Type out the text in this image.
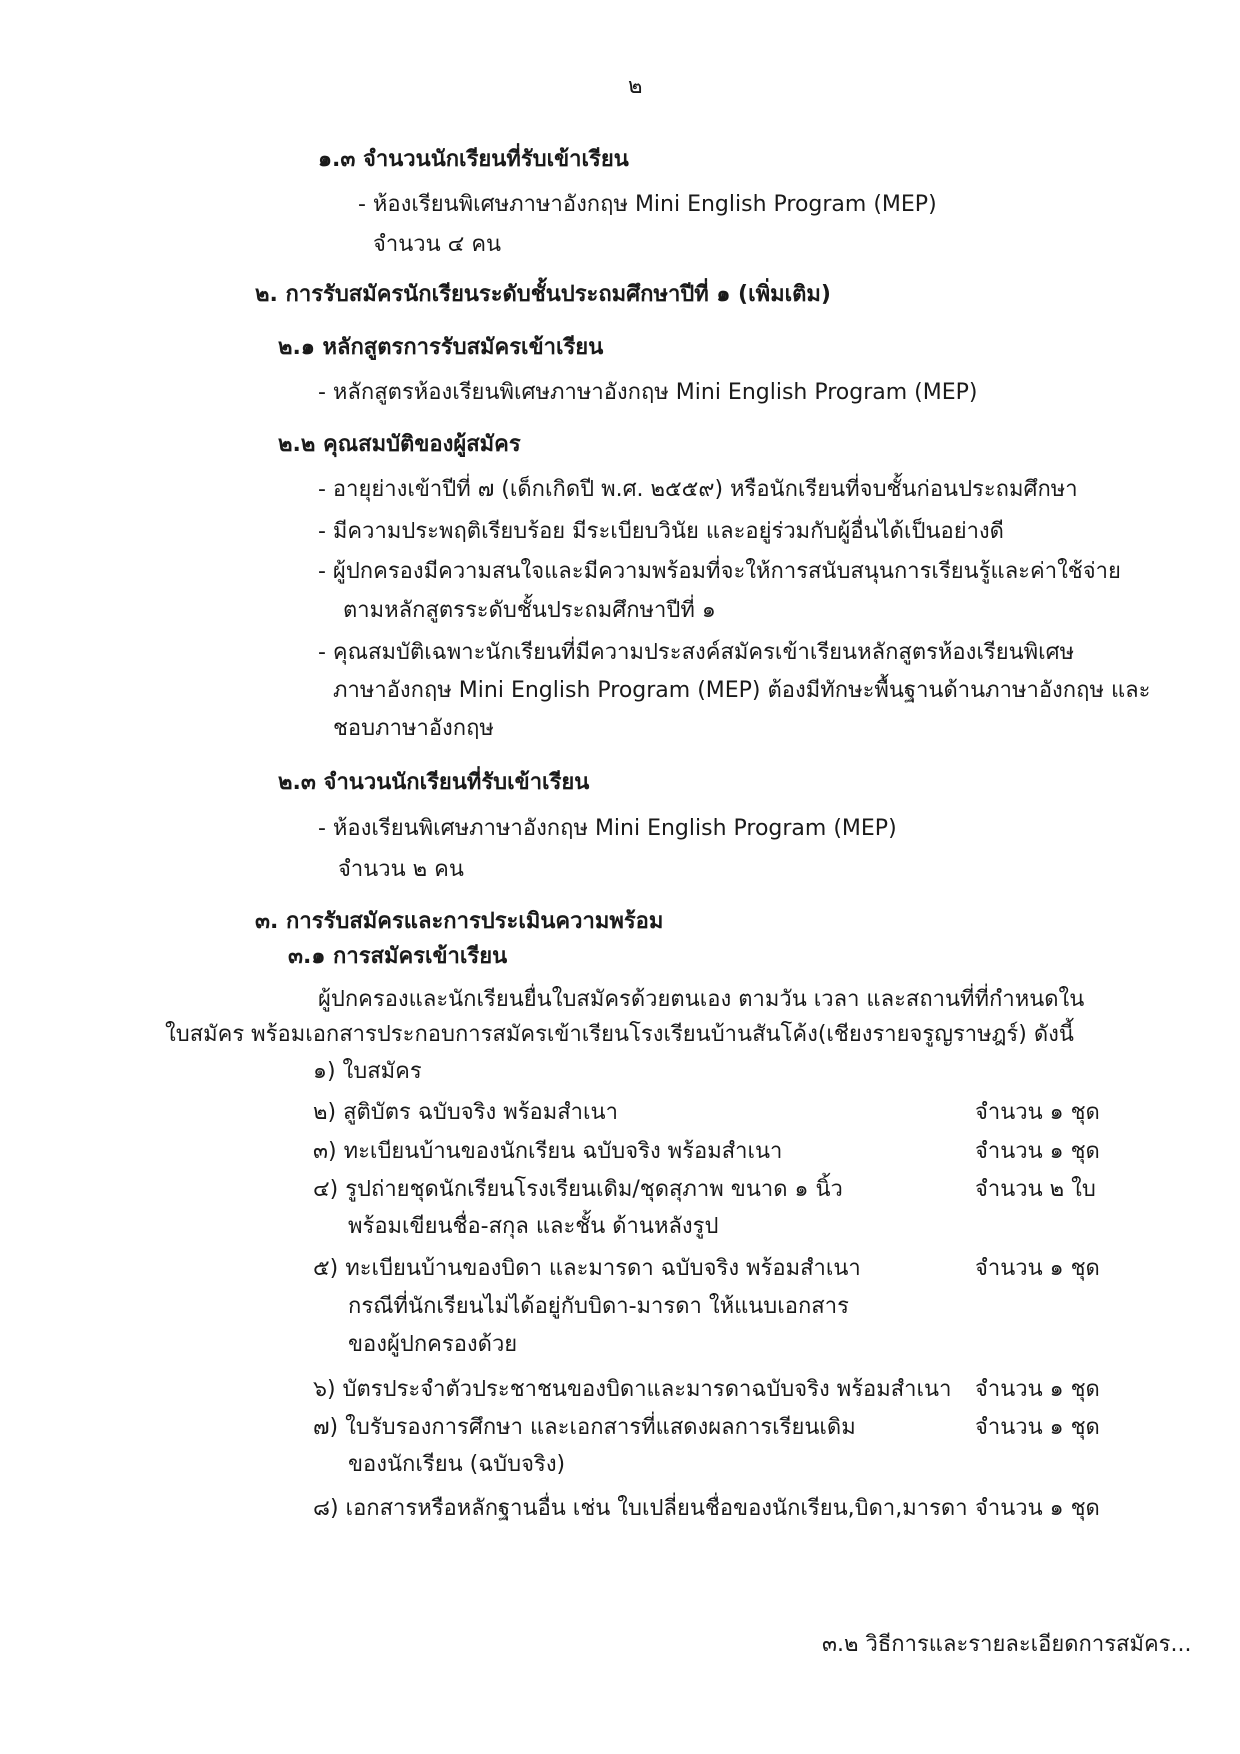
๒
๑.๓ จำนวนนักเรียนที่รับเข้าเรียน
- ห้องเรียนพิเศษภาษาอังกฤษ Mini English Program (MEP)
จำนวน ๔ คน
๒. การรับสมัครนักเรียนระดับชั้นประถมศึกษาปีที่ ๑ (เพิ่มเติม)
๒.๑ หลักสูตรการรับสมัครเข้าเรียน
- หลักสูตรห้องเรียนพิเศษภาษาอังกฤษ Mini English Program (MEP)
๒.๒ คุณสมบัติของผู้สมัคร
- อายุย่างเข้าปีที่ ๗ (เด็กเกิดปี พ.ศ. ๒๕๕๙) หรือนักเรียนที่จบชั้นก่อนประถมศึกษา
- มีความประพฤติเรียบร้อย มีระเบียบวินัย และอยู่ร่วมกับผู้อื่นได้เป็นอย่างดี
- ผู้ปกครองมีความสนใจและมีความพร้อมที่จะให้การสนับสนุนการเรียนรู้และค่าใช้จ่าย
ตามหลักสูตรระดับชั้นประถมศึกษาปีที่ ๑
- คุณสมบัติเฉพาะนักเรียนที่มีความประสงค์สมัครเข้าเรียนหลักสูตรห้องเรียนพิเศษ
ภาษาอังกฤษ Mini English Program (MEP) ต้องมีทักษะพื้นฐานด้านภาษาอังกฤษ และ
ชอบภาษาอังกฤษ
๒.๓ จำนวนนักเรียนที่รับเข้าเรียน
- ห้องเรียนพิเศษภาษาอังกฤษ Mini English Program (MEP)
จำนวน ๒ คน
๓. การรับสมัครและการประเมินความพร้อม
๓.๑ การสมัครเข้าเรียน
ผู้ปกครองและนักเรียนยื่นใบสมัครด้วยตนเอง ตามวัน เวลา และสถานที่ที่กำหนดใน
ใบสมัคร พร้อมเอกสารประกอบการสมัครเข้าเรียนโรงเรียนบ้านสันโค้ง(เชียงรายจรูญราษฎร์) ดังนี้
๑) ใบสมัคร
๒) สูติบัตร ฉบับจริง พร้อมสำเนา	จำนวน ๑ ชุด
๓) ทะเบียนบ้านของนักเรียน ฉบับจริง พร้อมสำเนา	จำนวน ๑ ชุด
๔) รูปถ่ายชุดนักเรียนโรงเรียนเดิม/ชุดสุภาพ ขนาด ๑ นิ้ว	จำนวน ๒ ใบ
พร้อมเขียนชื่อ-สกุล และชั้น ด้านหลังรูป
๕) ทะเบียนบ้านของบิดา และมารดา ฉบับจริง พร้อมสำเนา	จำนวน ๑ ชุด
กรณีที่นักเรียนไม่ได้อยู่กับบิดา-มารดา ให้แนบเอกสาร
ของผู้ปกครองด้วย
๖) บัตรประจำตัวประชาชนของบิดาและมารดาฉบับจริง พร้อมสำเนา จำนวน ๑ ชุด
๗) ใบรับรองการศึกษา และเอกสารที่แสดงผลการเรียนเดิม	จำนวน ๑ ชุด
ของนักเรียน (ฉบับจริง)
๘) เอกสารหรือหลักฐานอื่น เช่น ใบเปลี่ยนชื่อของนักเรียน,บิดา,มารดา จำนวน ๑ ชุด
๓.๒ วิธีการและรายละเอียดการสมัคร...
